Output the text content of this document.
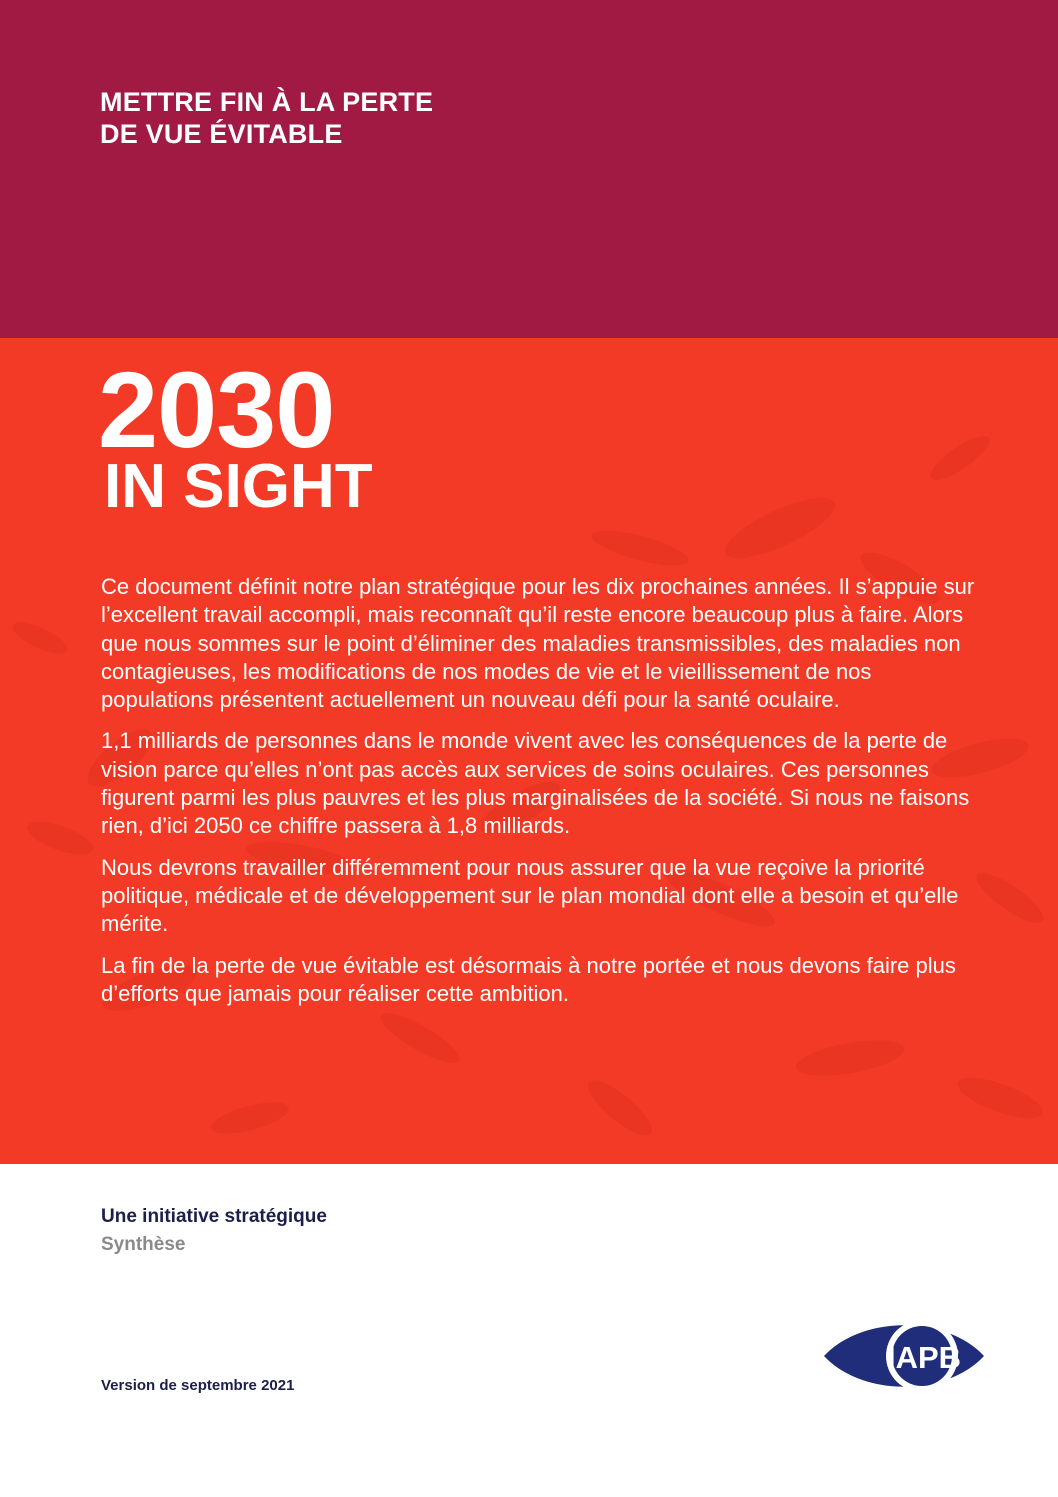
METTRE FIN À LA PERTE
DE VUE ÉVITABLE
2030
IN SIGHT

Ce document définit notre plan stratégique pour les dix prochaines années. Il s’appuie sur l’excellent travail accompli, mais reconnaît qu’il reste encore beaucoup plus à faire. Alors que nous sommes sur le point d’éliminer des maladies transmissibles, des maladies non contagieuses, les modifications de nos modes de vie et le vieillissement de nos populations présentent actuellement un nouveau défi pour la santé oculaire.

1,1 milliards de personnes dans le monde vivent avec les conséquences de la perte de vision parce qu’elles n’ont pas accès aux services de soins oculaires. Ces personnes figurent parmi les plus pauvres et les plus marginalisées de la société. Si nous ne faisons rien, d’ici 2050 ce chiffre passera à 1,8 milliards.

Nous devrons travailler différemment pour nous assurer que la vue reçoive la priorité politique, médicale et de développement sur le plan mondial dont elle a besoin et qu’elle mérite.

La fin de la perte de vue évitable est désormais à notre portée et nous devons faire plus d’efforts que jamais pour réaliser cette ambition.

Une initiative stratégique

Synthèse

Version de septembre 2021

IAPB
